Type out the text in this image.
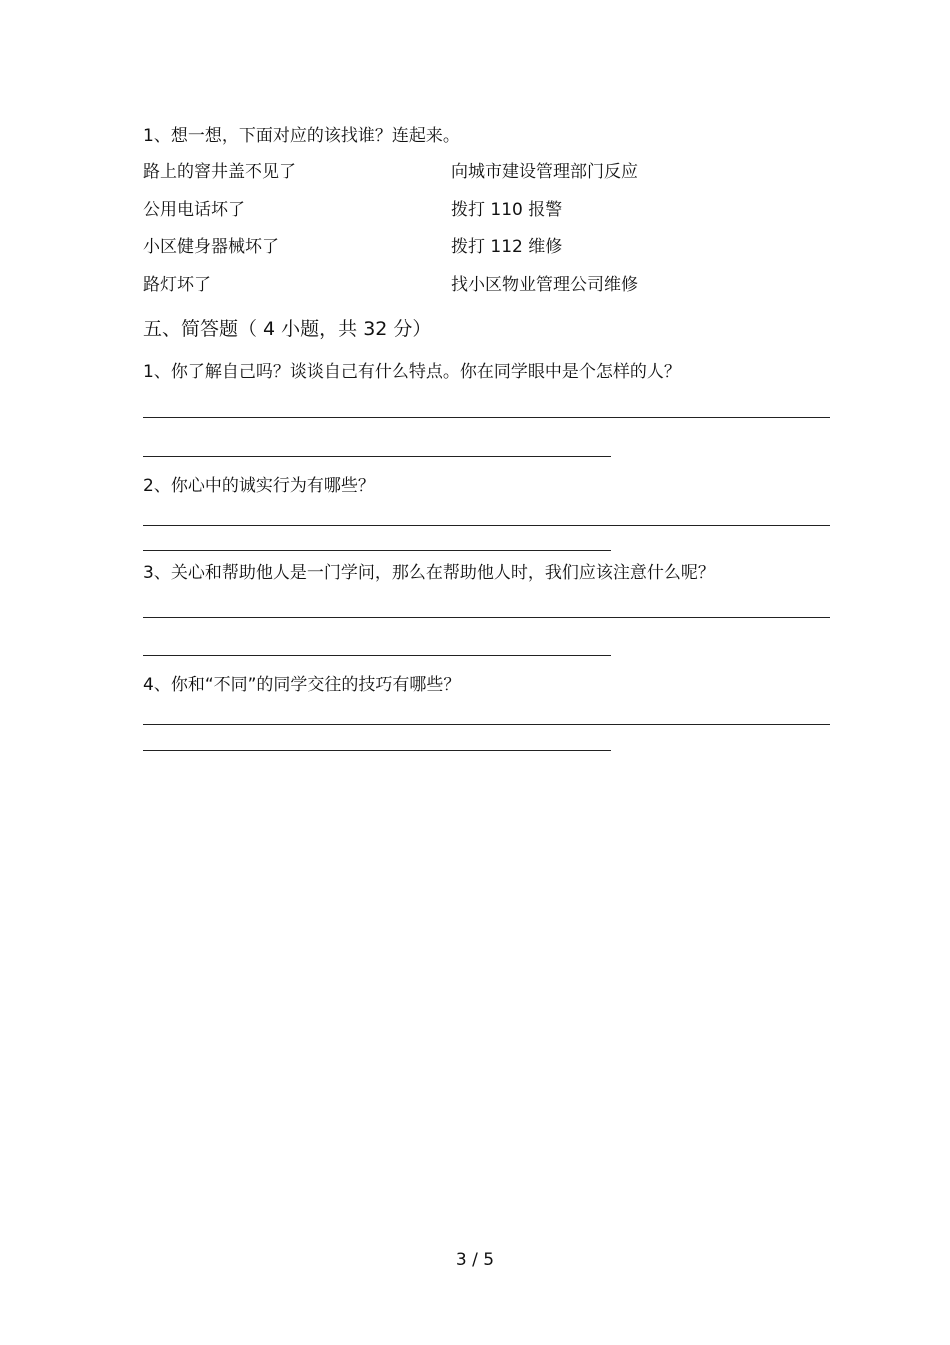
1、想一想，下面对应的该找谁？连起来。
路上的窨井盖不见了	向城市建设管理部门反应
公用电话坏了	拨打 110 报警
小区健身器械坏了	拨打 112 维修
路灯坏了	找小区物业管理公司维修
五、简答题（ 4 小题，共 32 分）
1、你了解自己吗？谈谈自己有什么特点。你在同学眼中是个怎样的人？
2、你心中的诚实行为有哪些？
3、关心和帮助他人是一门学问，那么在帮助他人时，我们应该注意什么呢？
4、你和“不同”的同学交往的技巧有哪些？
3 / 5
